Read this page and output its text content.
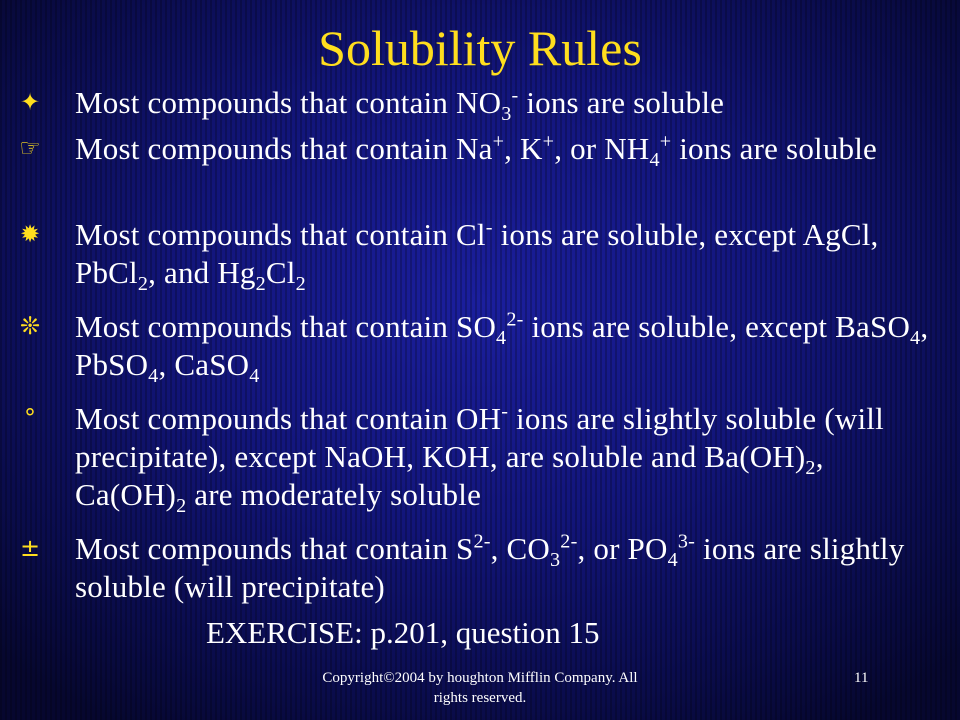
Solubility Rules
✦ Most compounds that contain $NO_3^-$ ions are soluble
☞ Most compounds that contain Na+, K+, or $NH_4^+$ ions are soluble
✹ Most compounds that contain Cl- ions are soluble, except AgCl, PbCl$_2$, and $Hg_2Cl_2$
❊ Most compounds that contain $SO_4^{2-}$ ions are soluble, except BaSO$_4$, PbSO$_4$, CaSO$_4$
°	Most compounds that contain OH- ions are slightly soluble (will precipitate), except NaOH, KOH, are soluble and $Ba(OH)_2$, $Ca(OH)_2$ are moderately soluble
± Most compounds that contain $S^{2-}$, $CO_3^{2-}$, or $PO_4^{3-}$ ions are slightly soluble (will precipitate)
EXERCISE: p.201, question 15
Copyright©2004 by houghton Mifflin Company. All rights reserved.
11
